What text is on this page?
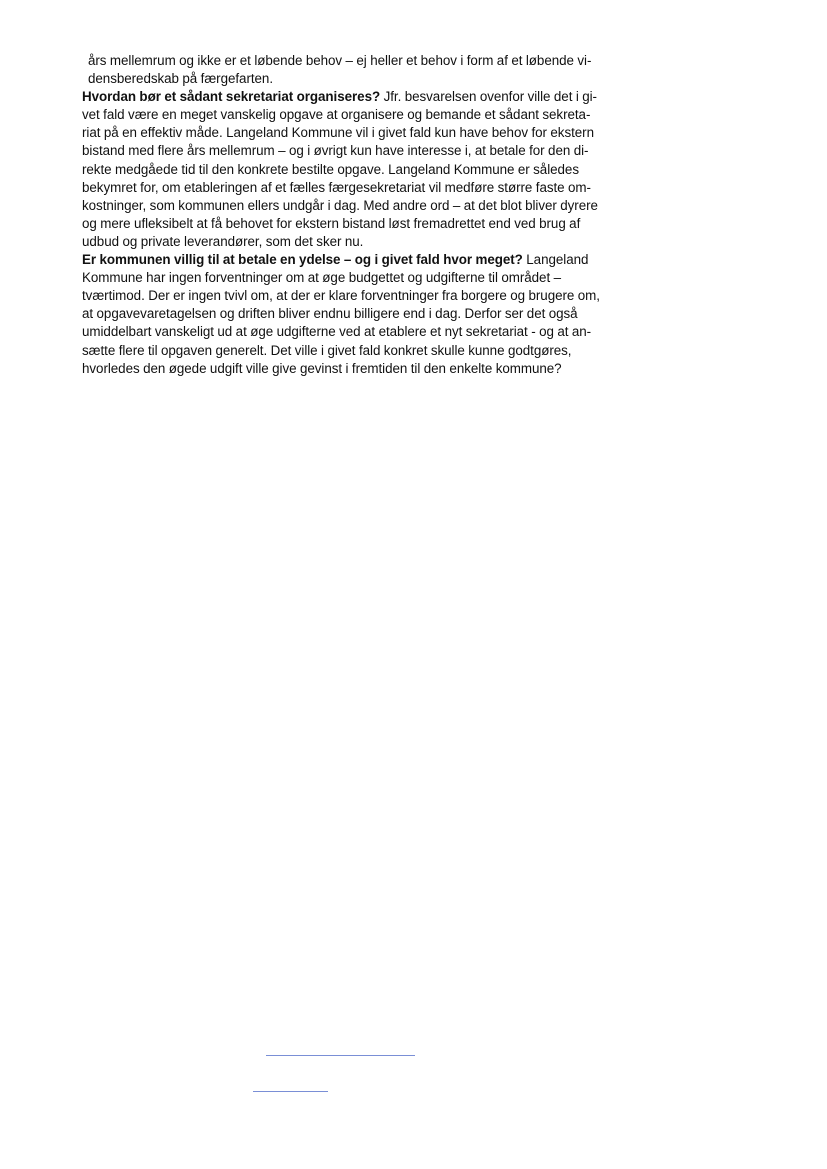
års mellemrum og ikke er et løbende behov – ej heller et behov i form af et løbende vi-
densberedskab på færgefarten.
Hvordan bør et sådant sekretariat organiseres? Jfr. besvarelsen ovenfor ville det i gi-
vet fald være en meget vanskelig opgave at organisere og bemande et sådant sekreta-
riat på en effektiv måde. Langeland Kommune vil i givet fald kun have behov for ekstern
bistand med flere års mellemrum – og i øvrigt kun have interesse i, at betale for den di-
rekte medgåede tid til den konkrete bestilte opgave. Langeland Kommune er således
bekymret for, om etableringen af et fælles færgesekretariat vil medføre større faste om-
kostninger, som kommunen ellers undgår i dag. Med andre ord – at det blot bliver dyrere
og mere ufleksibelt at få behovet for ekstern bistand løst fremadrettet end ved brug af
udbud og private leverandører, som det sker nu.
Er kommunen villig til at betale en ydelse – og i givet fald hvor meget? Langeland
Kommune har ingen forventninger om at øge budgettet og udgifterne til området –
tværtimod. Der er ingen tvivl om, at der er klare forventninger fra borgere og brugere om,
at opgavevaretagelsen og driften bliver endnu billigere end i dag. Derfor ser det også
umiddelbart vanskeligt ud at øge udgifterne ved at etablere et nyt sekretariat - og at an-
sætte flere til opgaven generelt. Det ville i givet fald konkret skulle kunne godtgøres,
hvorledes den øgede udgift ville give gevinst i fremtiden til den enkelte kommune?
